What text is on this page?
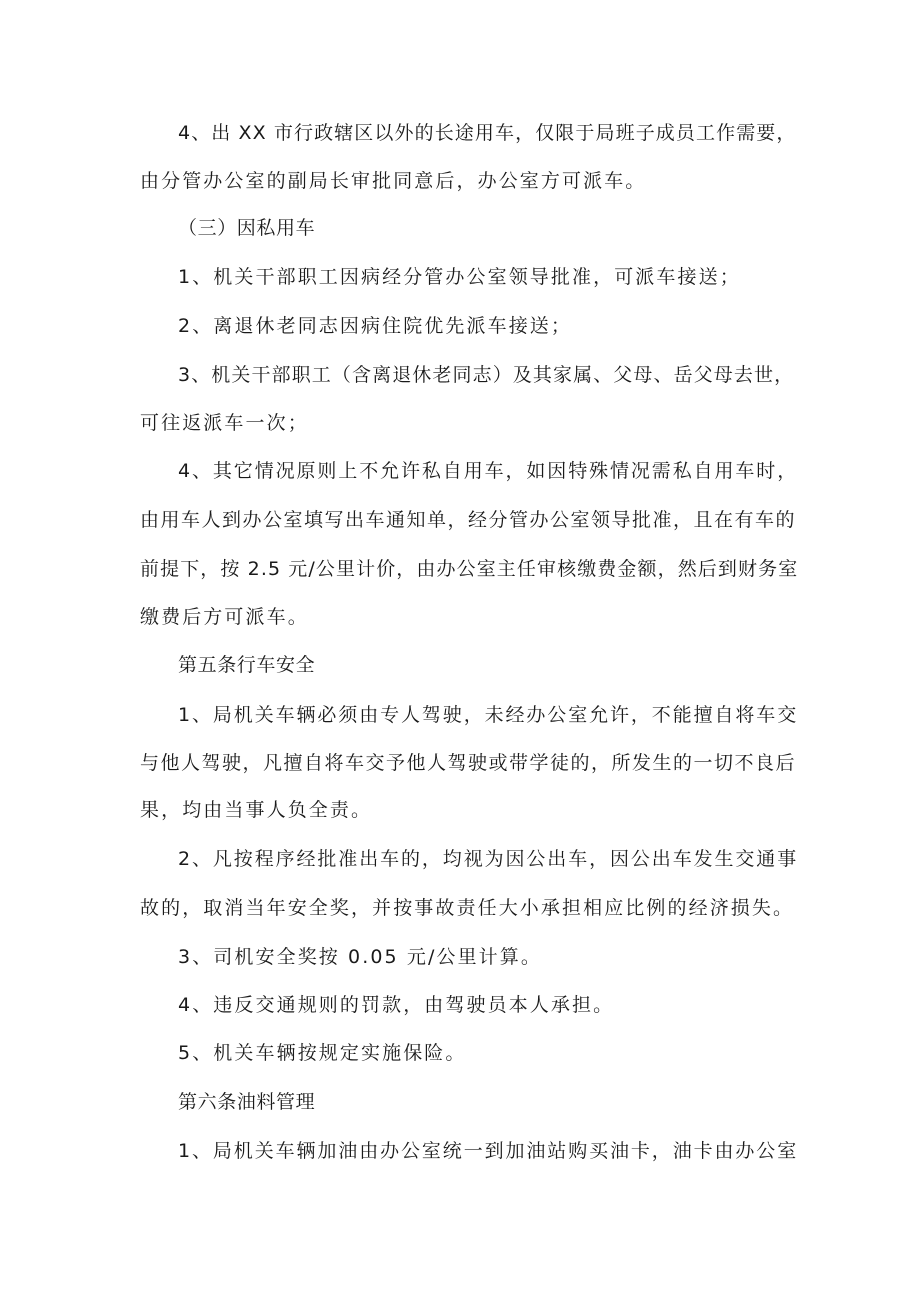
4、出 XX 市行政辖区以外的长途用车，仅限于局班子成员工作需要，
由分管办公室的副局长审批同意后，办公室方可派车。
（三）因私用车
1、机关干部职工因病经分管办公室领导批准，可派车接送；
2、离退休老同志因病住院优先派车接送；
3、机关干部职工（含离退休老同志）及其家属、父母、岳父母去世，
可往返派车一次；
4、其它情况原则上不允许私自用车，如因特殊情况需私自用车时，
由用车人到办公室填写出车通知单，经分管办公室领导批准，且在有车的
前提下，按 2.5 元/公里计价，由办公室主任审核缴费金额，然后到财务室
缴费后方可派车。
第五条行车安全
1、局机关车辆必须由专人驾驶，未经办公室允许，不能擅自将车交
与他人驾驶，凡擅自将车交予他人驾驶或带学徒的，所发生的一切不良后
果，均由当事人负全责。
2、凡按程序经批准出车的，均视为因公出车，因公出车发生交通事
故的，取消当年安全奖，并按事故责任大小承担相应比例的经济损失。
3、司机安全奖按 0.05 元/公里计算。
4、违反交通规则的罚款，由驾驶员本人承担。
5、机关车辆按规定实施保险。
第六条油料管理
1、局机关车辆加油由办公室统一到加油站购买油卡，油卡由办公室
